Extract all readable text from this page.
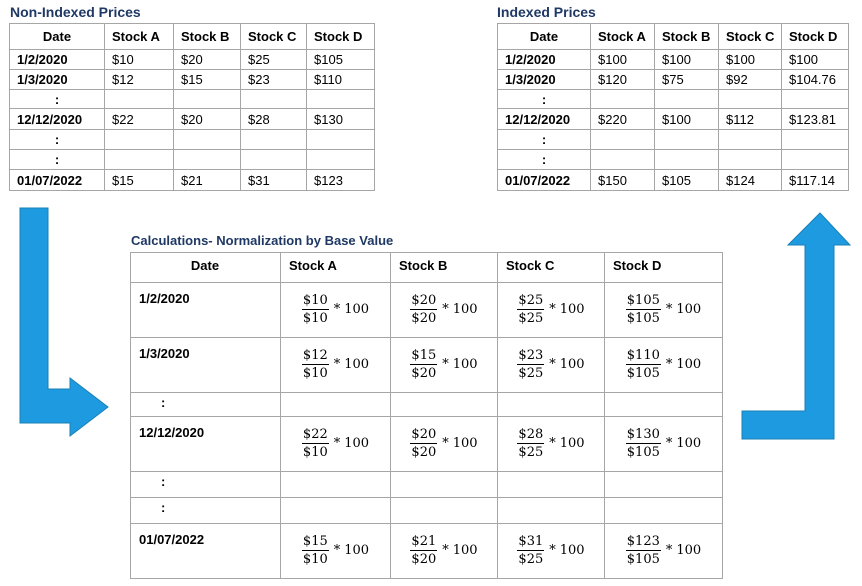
Non-Indexed Prices	Indexed Prices
Calculations- Normalization by Base Value
Date	Stock A	Stock B	Stock C	Stock D
1/2/2020	$10	$20	$25	$105
1/3/2020	$12	$15	$23	$110
:				
12/12/2020	$22	$20	$28	$130
:				
:				
01/07/2022	$15	$21	$31	$123
Date	Stock A	Stock B	Stock C	Stock D
1/2/2020	$100	$100	$100	$100
1/3/2020	$120	$75	$92	$104.76
:				
12/12/2020	$220	$100	$112	$123.81
:				
:				
01/07/2022	$150	$105	$124	$117.14
Date	Stock A	Stock B	Stock C	Stock D
1/2/2020	$\frac{\$10}{\$10} * 100$	$\frac{\$20}{\$20} * 100$	$\frac{\$25}{\$25} * 100$	$\frac{\$105}{\$105} * 100$

1/3/2020	$\frac{\$12}{\$10} * 100$	$\frac{\$15}{\$20} * 100$	$\frac{\$23}{\$25} * 100$	$\frac{\$110}{\$105} * 100$

:				
12/12/2020	$\frac{\$22}{\$10} * 100$	$\frac{\$20}{\$20} * 100$	$\frac{\$28}{\$25} * 100$	$\frac{\$130}{\$105} * 100$

:				
:				
01/07/2022	$\frac{\$15}{\$10} * 100$	$\frac{\$21}{\$20} * 100$	$\frac{\$31}{\$25} * 100$	$\frac{\$123}{\$105} * 100$
